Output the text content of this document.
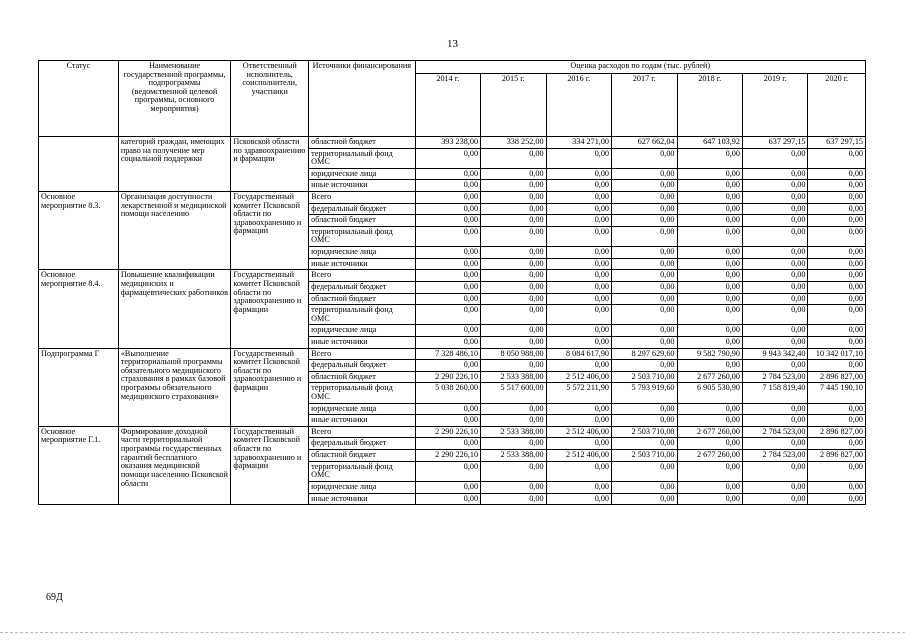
13
Статус	Наименование государственной программы, подпрограммы (ведомственной целевой программы, основного мероприятия)	Ответственный исполнитель, соисполнители, участники	Источники финансирования	Оценка расходов по годам (тыс. рублей)						
				2014 г.	2015 г.	2016 г.	2017 г.	2018 г.	2019 г.	2020 г.
	категорий граждан, имеющих право на получение мер социальной поддержки	Псковской области по здравоохранению и фармации	областной бюджет	393 238,00	338 252,00	334 271,00	627 662,04	647 103,92	637 297,15	637 297,15
			территориальный фонд ОМС	0,00	0,00	0,00	0,00	0,00	0,00	0,00
			юридические лица	0,00	0,00	0,00	0,00	0,00	0,00	0,00
			иные источники	0,00	0,00	0,00	0,00	0,00	0,00	0,00
Основное мероприятие 8.3.	Организация доступности лекарственной и медицинской помощи населению	Государственный комитет Псковской области по здравоохранению и фармации	Всего	0,00	0,00	0,00	0,00	0,00	0,00	0,00
			федеральный бюджет	0,00	0,00	0,00	0,00	0,00	0,00	0,00
			областной бюджет	0,00	0,00	0,00	0,00	0,00	0,00	0,00
			территориальный фонд ОМС	0,00	0,00	0,00	0,00	0,00	0,00	0,00
			юридические лица	0,00	0,00	0,00	0,00	0,00	0,00	0,00
			иные источники	0,00	0,00	0,00	0,00	0,00	0,00	0,00
Основное мероприятие 8.4.	Повышение квалификации медицинских и фармацевтических работников	Государственный комитет Псковской области по здравоохранению и фармации	Всего	0,00	0,00	0,00	0,00	0,00	0,00	0,00
			федеральный бюджет	0,00	0,00	0,00	0,00	0,00	0,00	0,00
			областной бюджет	0,00	0,00	0,00	0,00	0,00	0,00	0,00
			территориальный фонд ОМС	0,00	0,00	0,00	0,00	0,00	0,00	0,00
			юридические лица	0,00	0,00	0,00	0,00	0,00	0,00	0,00
			иные источники	0,00	0,00	0,00	0,00	0,00	0,00	0,00
Подпрограмма Г	«Выполнение территориальной программы обязательного медицинского страхования в рамках базовой программы обязательного медицинского страхования»	Государственный комитет Псковской области по здравоохранению и фармации	Всего	7 328 486,10	8 050 988,00	8 084 617,90	8 297 629,60	9 582 790,90	9 943 342,40	10 342 017,10
			федеральный бюджет	0,00	0,00	0,00	0,00	0,00	0,00	0,00
			областной бюджет	2 290 226,10	2 533 388,00	2 512 406,00	2 503 710,00	2 677 260,00	2 784 523,00	2 896 827,00
			территориальный фонд ОМС	5 038 260,00	5 517 600,00	5 572 211,90	5 793 919,60	6 905 530,90	7 158 819,40	7 445 190,10
			юридические лица	0,00	0,00	0,00	0,00	0,00	0,00	0,00
			иные источники	0,00	0,00	0,00	0,00	0,00	0,00	0,00
Основное мероприятие Г.1.	Формирование доходной части территориальной программы государственных гарантий бесплатного оказания медицинской помощи населению Псковской области	Государственный комитет Псковской области по здравоохранению и фармации	Всего	2 290 226,10	2 533 388,00	2 512 406,00	2 503 710,00	2 677 260,00	2 784 523,00	2 896 827,00
			федеральный бюджет	0,00	0,00	0,00	0,00	0,00	0,00	0,00
			областной бюджет	2 290 226,10	2 533 388,00	2 512 406,00	2 503 710,00	2 677 260,00	2 784 523,00	2 896 827,00
			территориальный фонд ОМС	0,00	0,00	0,00	0,00	0,00	0,00	0,00
			юридические лица	0,00	0,00	0,00	0,00	0,00	0,00	0,00
			иные источники	0,00	0,00	0,00	0,00	0,00	0,00	0,00
69Д
